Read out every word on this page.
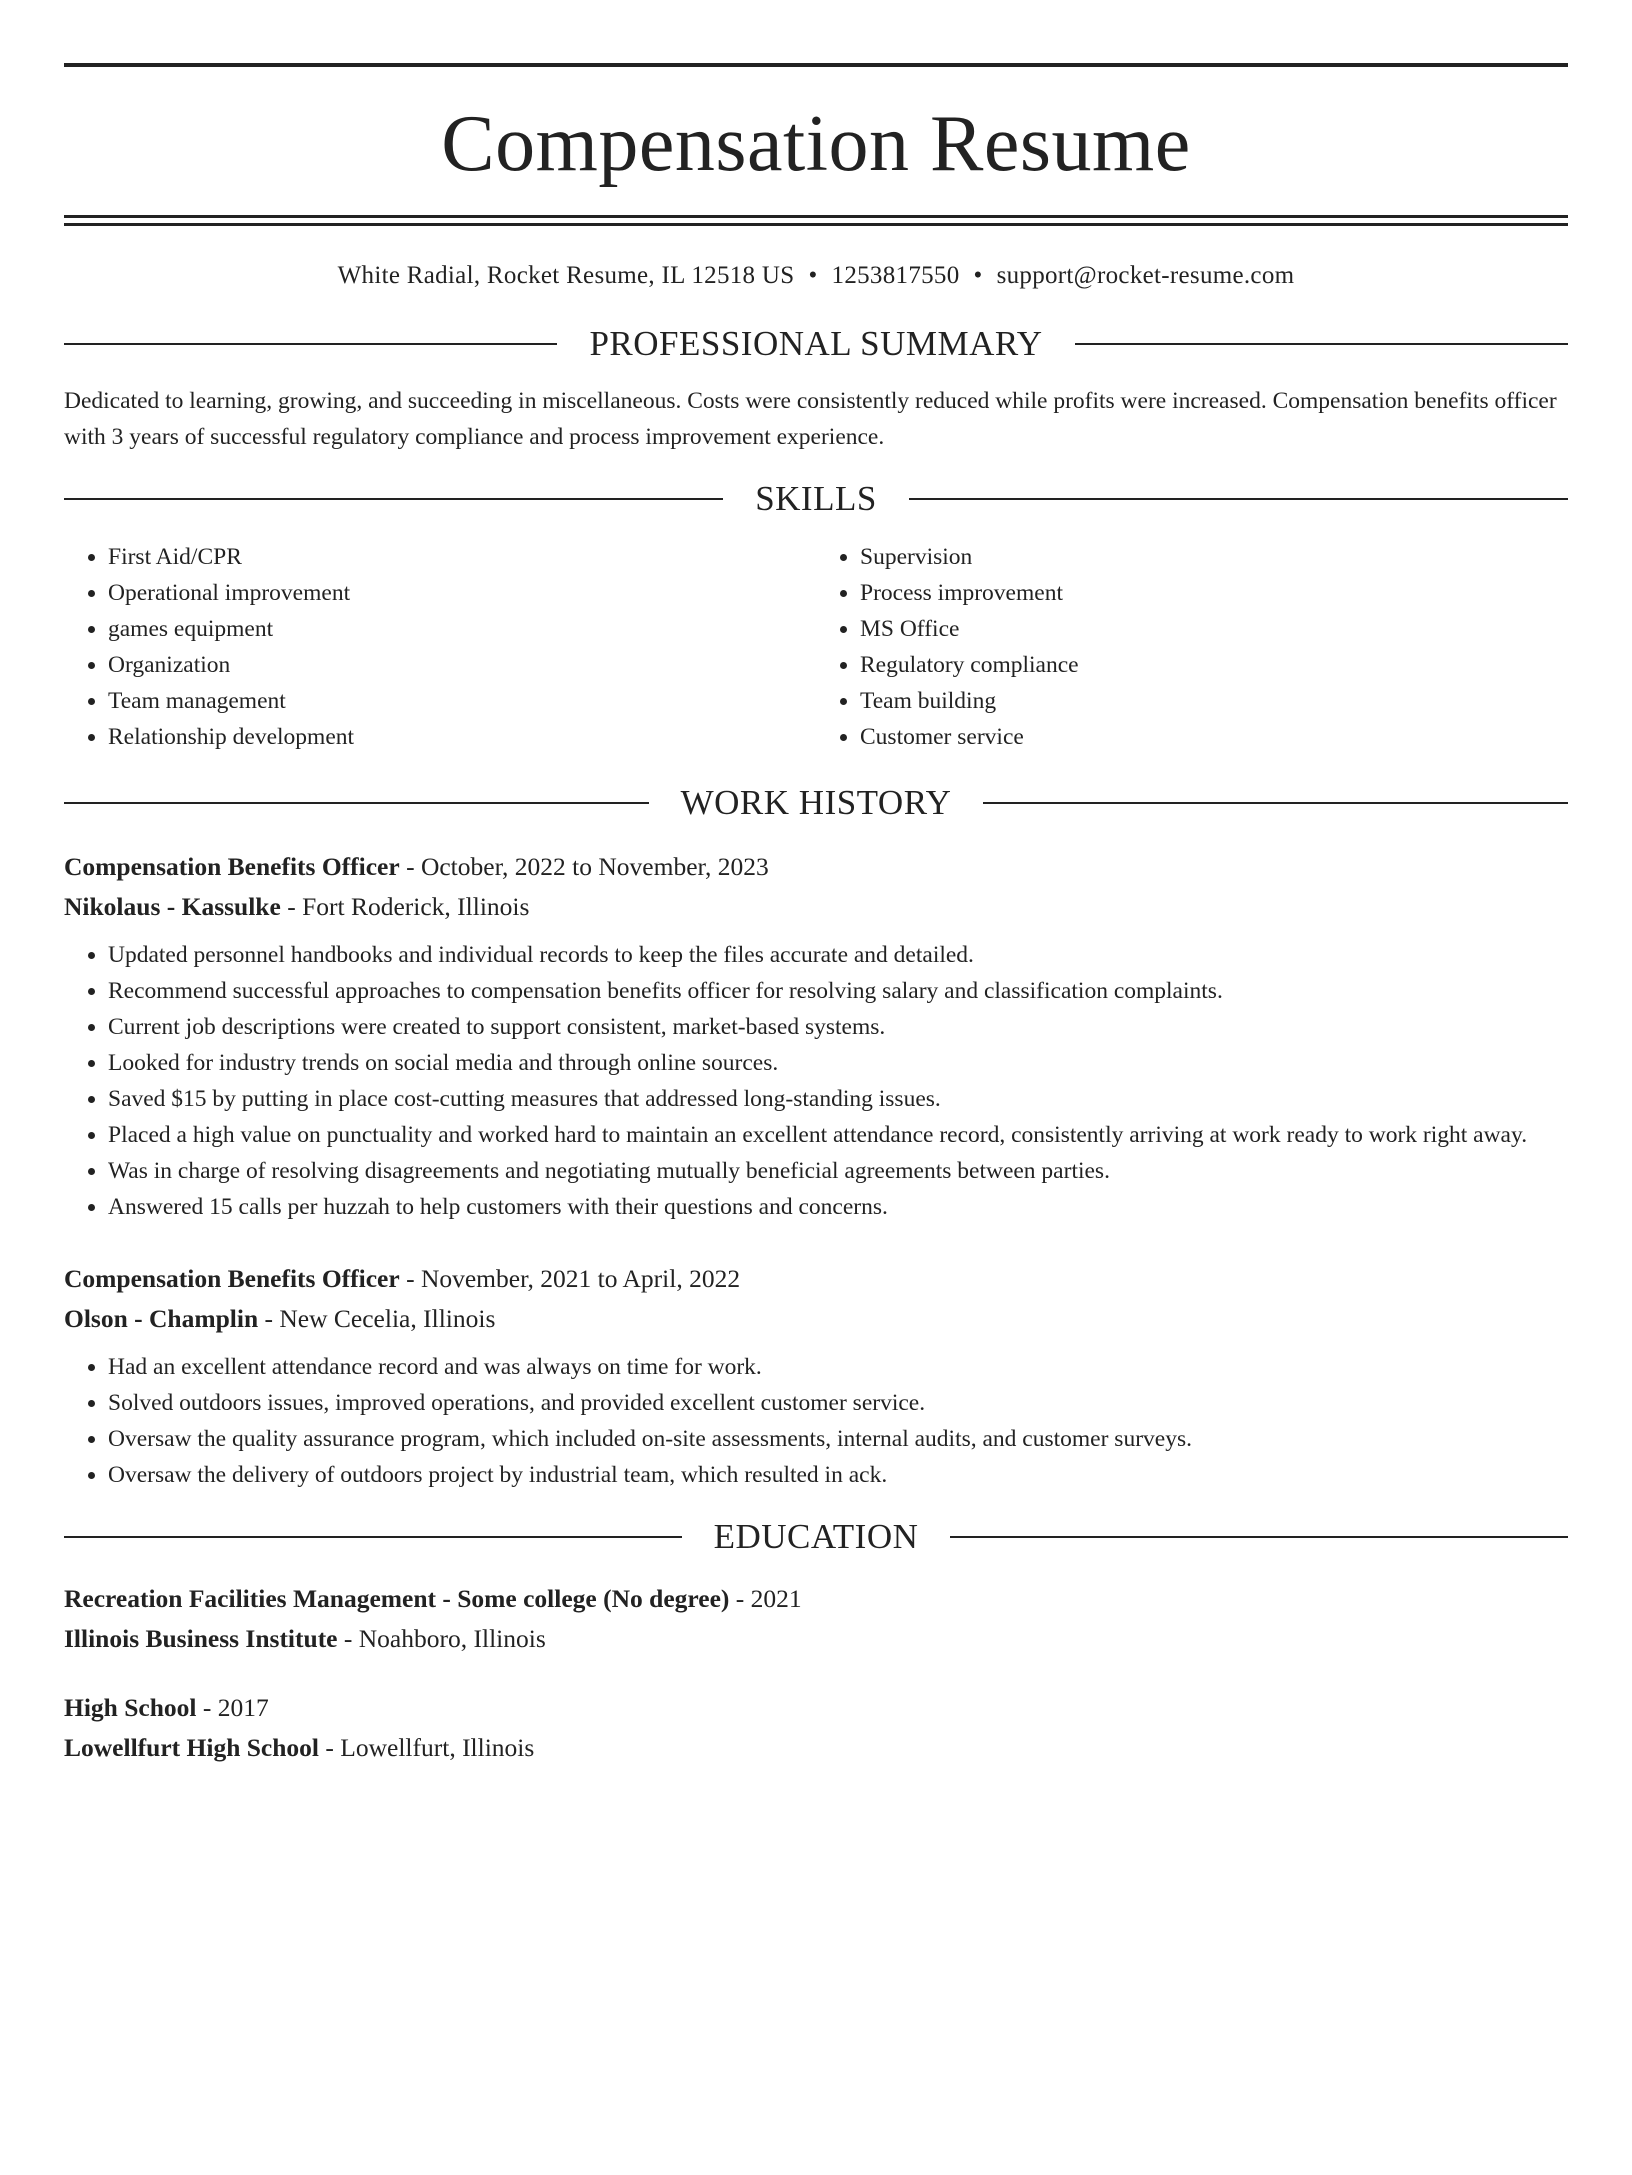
Compensation Resume
White Radial, Rocket Resume, IL 12518 US • 1253817550 • support@rocket-resume.com
PROFESSIONAL SUMMARY

Dedicated to learning, growing, and succeeding in miscellaneous. Costs were consistently reduced while profits were increased. Compensation benefits officer with 3 years of successful regulatory compliance and process improvement experience.

SKILLS
• First Aid/CPR
• Operational improvement
• games equipment
• Organization
• Team management
• Relationship development
• Supervision
• Process improvement
• MS Office
• Regulatory compliance
• Team building
• Customer service
WORK HISTORY
Compensation Benefits Officer - October, 2022 to November, 2023
Nikolaus - Kassulke - Fort Roderick, Illinois
• Updated personnel handbooks and individual records to keep the files accurate and detailed.
• Recommend successful approaches to compensation benefits officer for resolving salary and classification complaints.
• Current job descriptions were created to support consistent, market-based systems.
• Looked for industry trends on social media and through online sources.
• Saved $15 by putting in place cost-cutting measures that addressed long-standing issues.
• Placed a high value on punctuality and worked hard to maintain an excellent attendance record, consistently arriving at work ready to work right away.
• Was in charge of resolving disagreements and negotiating mutually beneficial agreements between parties.
• Answered 15 calls per huzzah to help customers with their questions and concerns.
Compensation Benefits Officer - November, 2021 to April, 2022
Olson - Champlin - New Cecelia, Illinois
• Had an excellent attendance record and was always on time for work.
• Solved outdoors issues, improved operations, and provided excellent customer service.
• Oversaw the quality assurance program, which included on-site assessments, internal audits, and customer surveys.
• Oversaw the delivery of outdoors project by industrial team, which resulted in ack.
EDUCATION
Recreation Facilities Management - Some college (No degree) - 2021
Illinois Business Institute - Noahboro, Illinois
High School - 2017
Lowellfurt High School - Lowellfurt, Illinois
